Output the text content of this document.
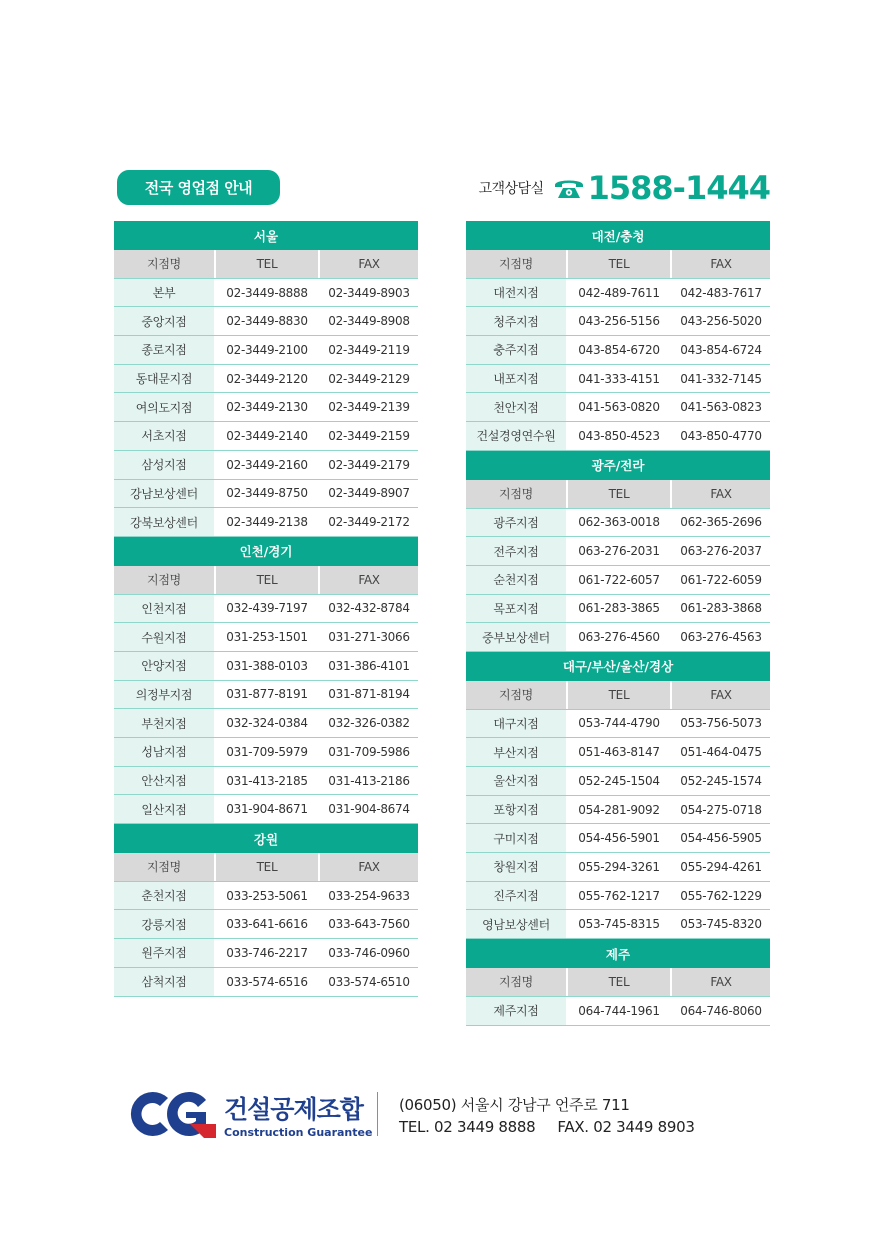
전국 영업점 안내	고객상담실 1588-1444
서울
지점명	TEL	FAX
본부	02-3449-8888	02-3449-8903
중앙지점	02-3449-8830	02-3449-8908
종로지점	02-3449-2100	02-3449-2119
동대문지점	02-3449-2120	02-3449-2129
여의도지점	02-3449-2130	02-3449-2139
서초지점	02-3449-2140	02-3449-2159
삼성지점	02-3449-2160	02-3449-2179
강남보상센터	02-3449-8750	02-3449-8907
강북보상센터	02-3449-2138	02-3449-2172
인천/경기
지점명	TEL	FAX
인천지점	032-439-7197	032-432-8784
수원지점	031-253-1501	031-271-3066
안양지점	031-388-0103	031-386-4101
의정부지점	031-877-8191	031-871-8194
부천지점	032-324-0384	032-326-0382
성남지점	031-709-5979	031-709-5986
안산지점	031-413-2185	031-413-2186
일산지점	031-904-8671	031-904-8674
강원
지점명	TEL	FAX
춘천지점	033-253-5061	033-254-9633
강릉지점	033-641-6616	033-643-7560
원주지점	033-746-2217	033-746-0960
삼척지점	033-574-6516	033-574-6510
대전/충청
지점명	TEL	FAX
대전지점	042-489-7611	042-483-7617
청주지점	043-256-5156	043-256-5020
충주지점	043-854-6720	043-854-6724
내포지점	041-333-4151	041-332-7145
천안지점	041-563-0820	041-563-0823
건설경영연수원	043-850-4523	043-850-4770
광주/전라
지점명	TEL	FAX
광주지점	062-363-0018	062-365-2696
전주지점	063-276-2031	063-276-2037
순천지점	061-722-6057	061-722-6059
목포지점	061-283-3865	061-283-3868
중부보상센터	063-276-4560	063-276-4563
대구/부산/울산/경상
지점명	TEL	FAX
대구지점	053-744-4790	053-756-5073
부산지점	051-463-8147	051-464-0475
울산지점	052-245-1504	052-245-1574
포항지점	054-281-9092	054-275-0718
구미지점	054-456-5901	054-456-5905
창원지점	055-294-3261	055-294-4261
진주지점	055-762-1217	055-762-1229
영남보상센터	053-745-8315	053-745-8320
제주
지점명	TEL	FAX
제주지점	064-744-1961	064-746-8060
건설공제조합
Construction Guarantee
(06050) 서울시 강남구 언주로 711
TEL. 02 3449 8888 FAX. 02 3449 8903
